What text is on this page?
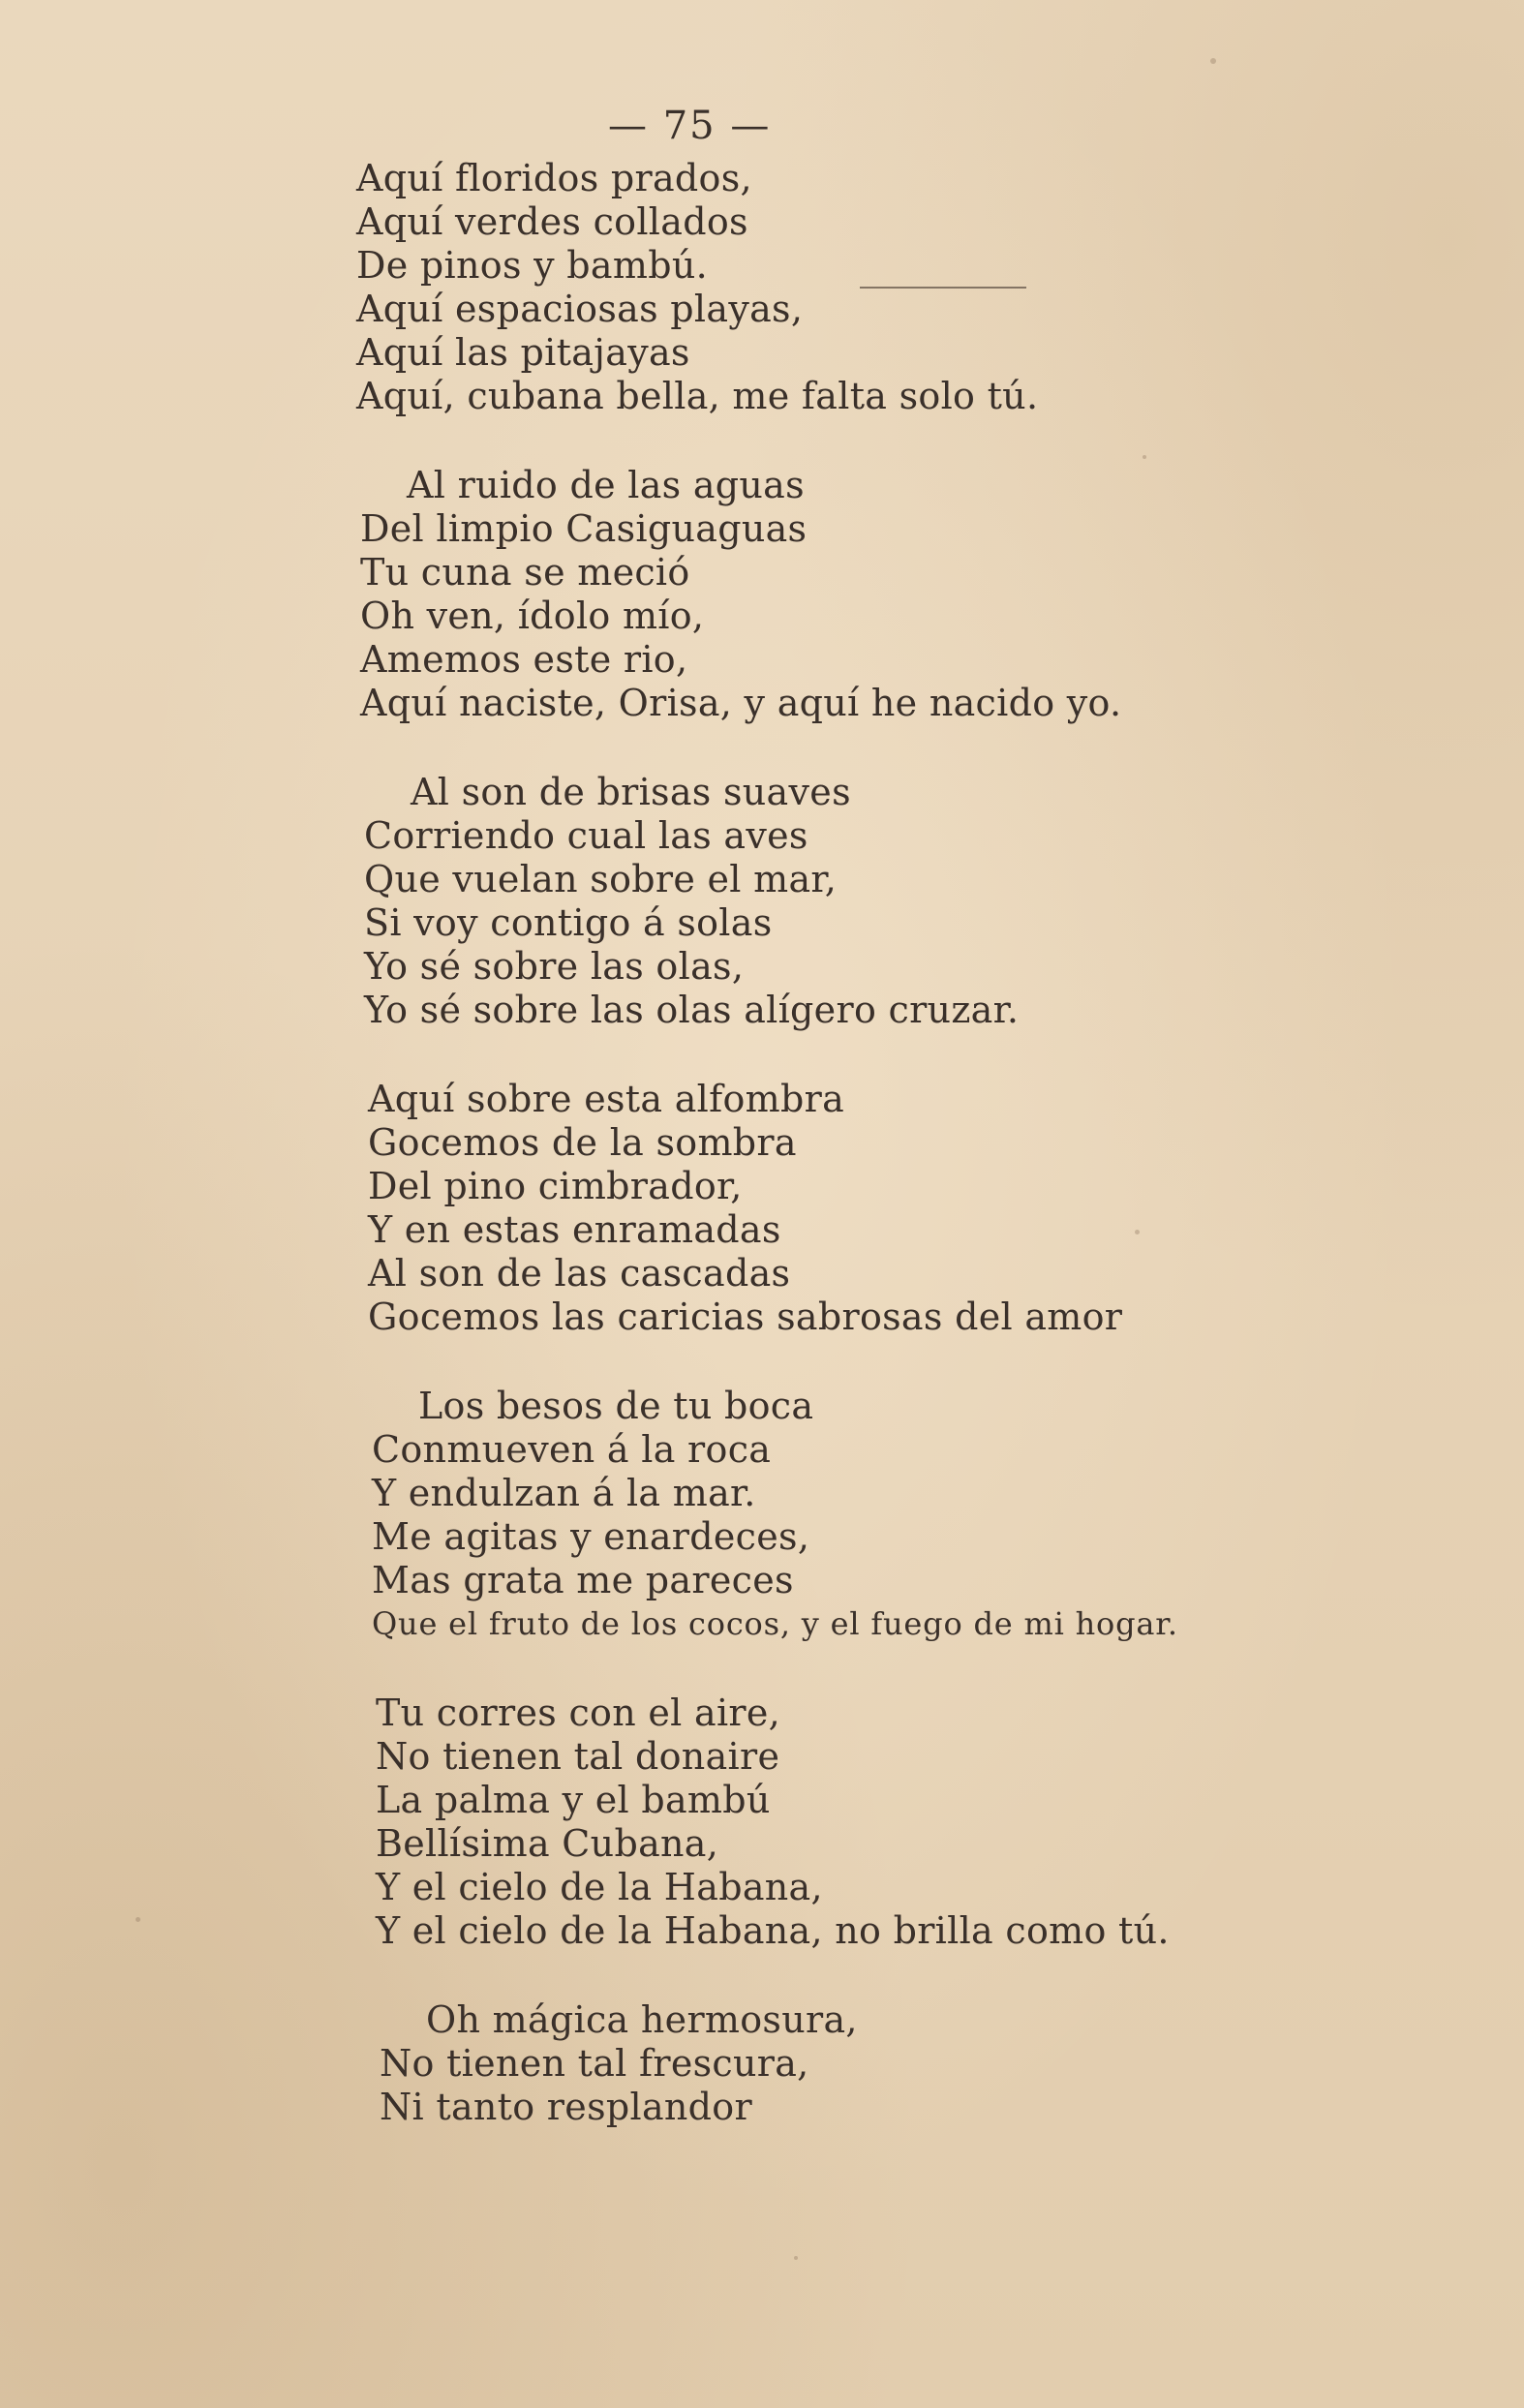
— 75 —
Aquí floridos prados,
Aquí verdes collados
De pinos y bambú.
Aquí espaciosas playas,
Aquí las pitajayas
Aquí, cubana bella, me falta solo tú.
Al ruido de las aguas
Del limpio Casiguaguas
Tu cuna se meció
Oh ven, ídolo mío,
Amemos este rio,
Aquí naciste, Orisa, y aquí he nacido yo.
Al son de brisas suaves
Corriendo cual las aves
Que vuelan sobre el mar,
Si voy contigo á solas
Yo sé sobre las olas,
Yo sé sobre las olas alígero cruzar.
Aquí sobre esta alfombra
Gocemos de la sombra
Del pino cimbrador,
Y en estas enramadas
Al son de las cascadas
Gocemos las caricias sabrosas del amor
Los besos de tu boca
Conmueven á la roca
Y endulzan á la mar.
Me agitas y enardeces,
Mas grata me pareces
Que el fruto de los cocos, y el fuego de mi hogar.
Tu corres con el aire,
No tienen tal donaire
La palma y el bambú
Bellísima Cubana,
Y el cielo de la Habana,
Y el cielo de la Habana, no brilla como tú.
Oh mágica hermosura,
No tienen tal frescura,
Ni tanto resplandor
